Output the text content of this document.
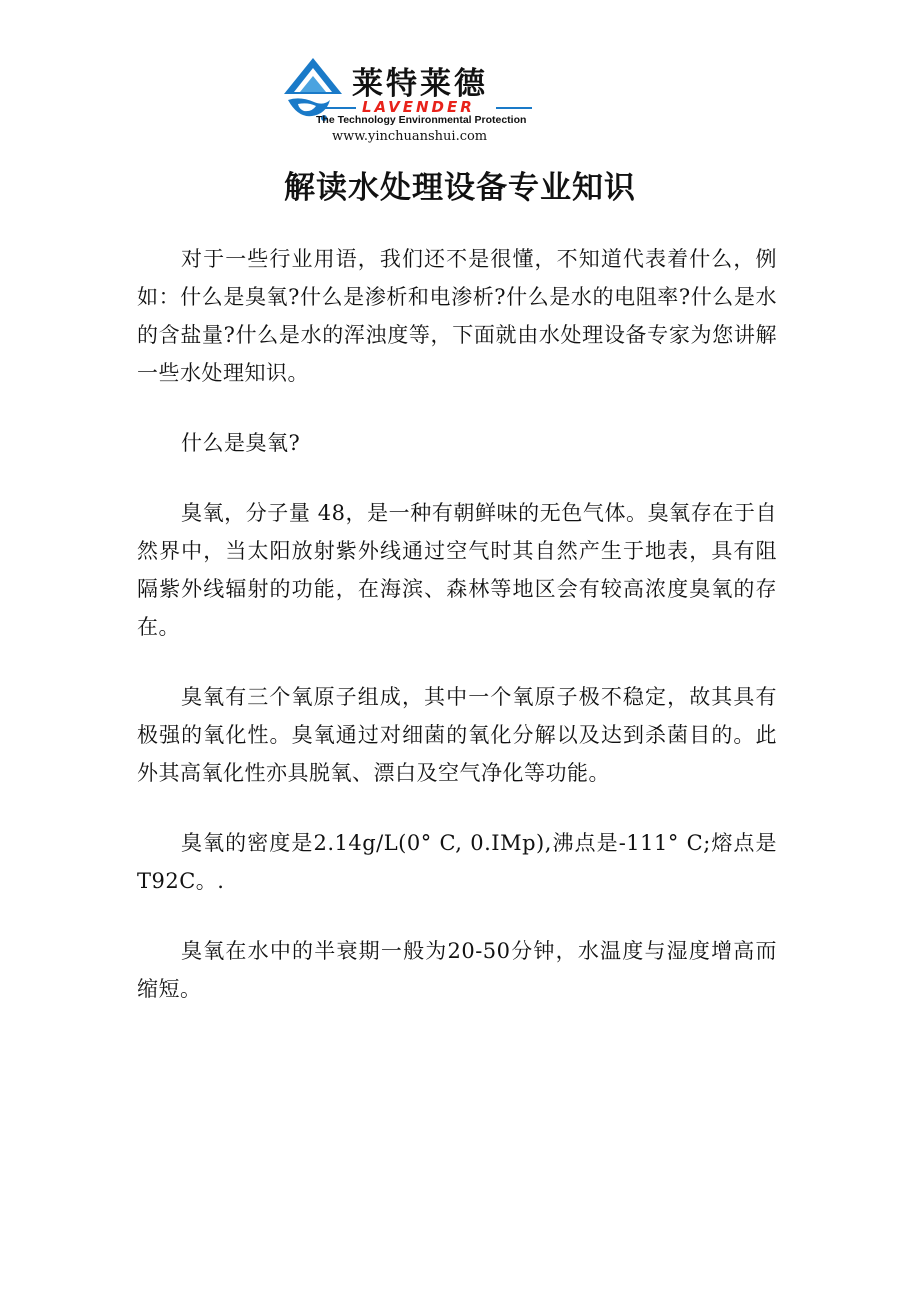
莱特莱德
LAVENDER
The Technology Environmental Protection
www.yinchuanshui.com
解读水处理设备专业知识

对于一些行业用语，我们还不是很懂，不知道代表着什么，例如：什么是臭氧?什么是渗析和电渗析?什么是水的电阻率?什么是水的含盐量?什么是水的浑浊度等，下面就由水处理设备专家为您讲解一些水处理知识。

什么是臭氧?

臭氧，分子量 48，是一种有朝鲜味的无色气体。臭氧存在于自然界中，当太阳放射紫外线通过空气时其自然产生于地表，具有阻隔紫外线辐射的功能，在海滨、森林等地区会有较高浓度臭氧的存在。

臭氧有三个氧原子组成，其中一个氧原子极不稳定，故其具有极强的氧化性。臭氧通过对细菌的氧化分解以及达到杀菌目的。此外其高氧化性亦具脱氧、漂白及空气净化等功能。

臭氧的密度是2.14g/L(0° C, 0.IMp),沸点是-111° C;熔点是T92C。.

臭氧在水中的半衰期一般为20-50分钟，水温度与湿度增高而缩短。
